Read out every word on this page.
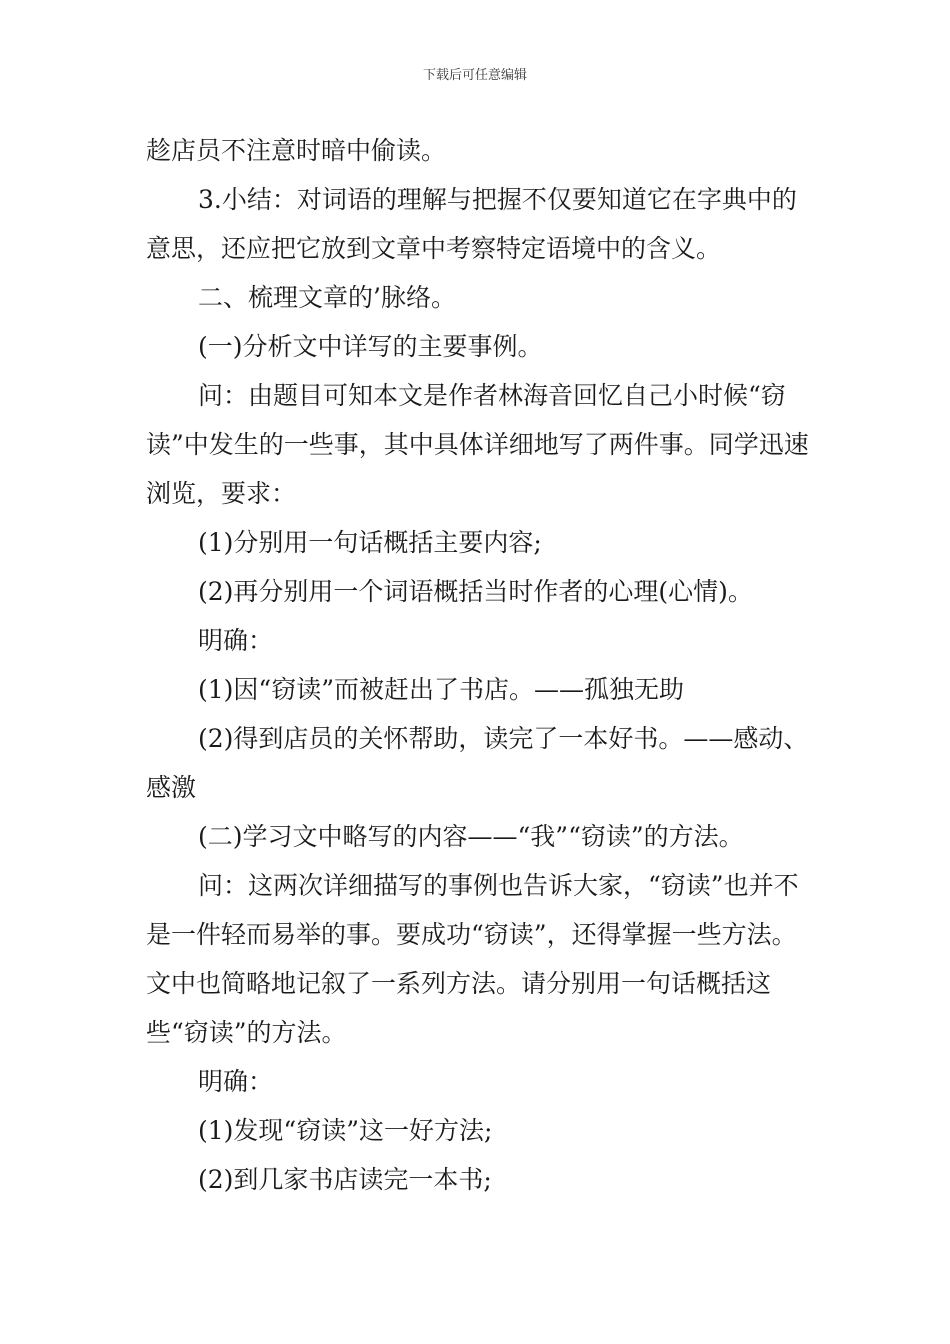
下载后可任意编辑

趁店员不注意时暗中偷读。

3.小结：对词语的理解与把握不仅要知道它在字典中的意思，还应把它放到文章中考察特定语境中的含义。

二、梳理文章的’脉络。

(一)分析文中详写的主要事例。

问：由题目可知本文是作者林海音回忆自己小时候“窃读”中发生的一些事，其中具体详细地写了两件事。同学迅速浏览，要求：

(1)分别用一句话概括主要内容;

(2)再分别用一个词语概括当时作者的心理(心情)。

明确：

(1)因“窃读”而被赶出了书店。——孤独无助

(2)得到店员的关怀帮助，读完了一本好书。——感动、感激

(二)学习文中略写的内容——“我”“窃读”的方法。

问：这两次详细描写的事例也告诉大家，“窃读”也并不是一件轻而易举的事。要成功“窃读”，还得掌握一些方法。文中也简略地记叙了一系列方法。请分别用一句话概括这些“窃读”的方法。

明确：

(1)发现“窃读”这一好方法;

(2)到几家书店读完一本书;
